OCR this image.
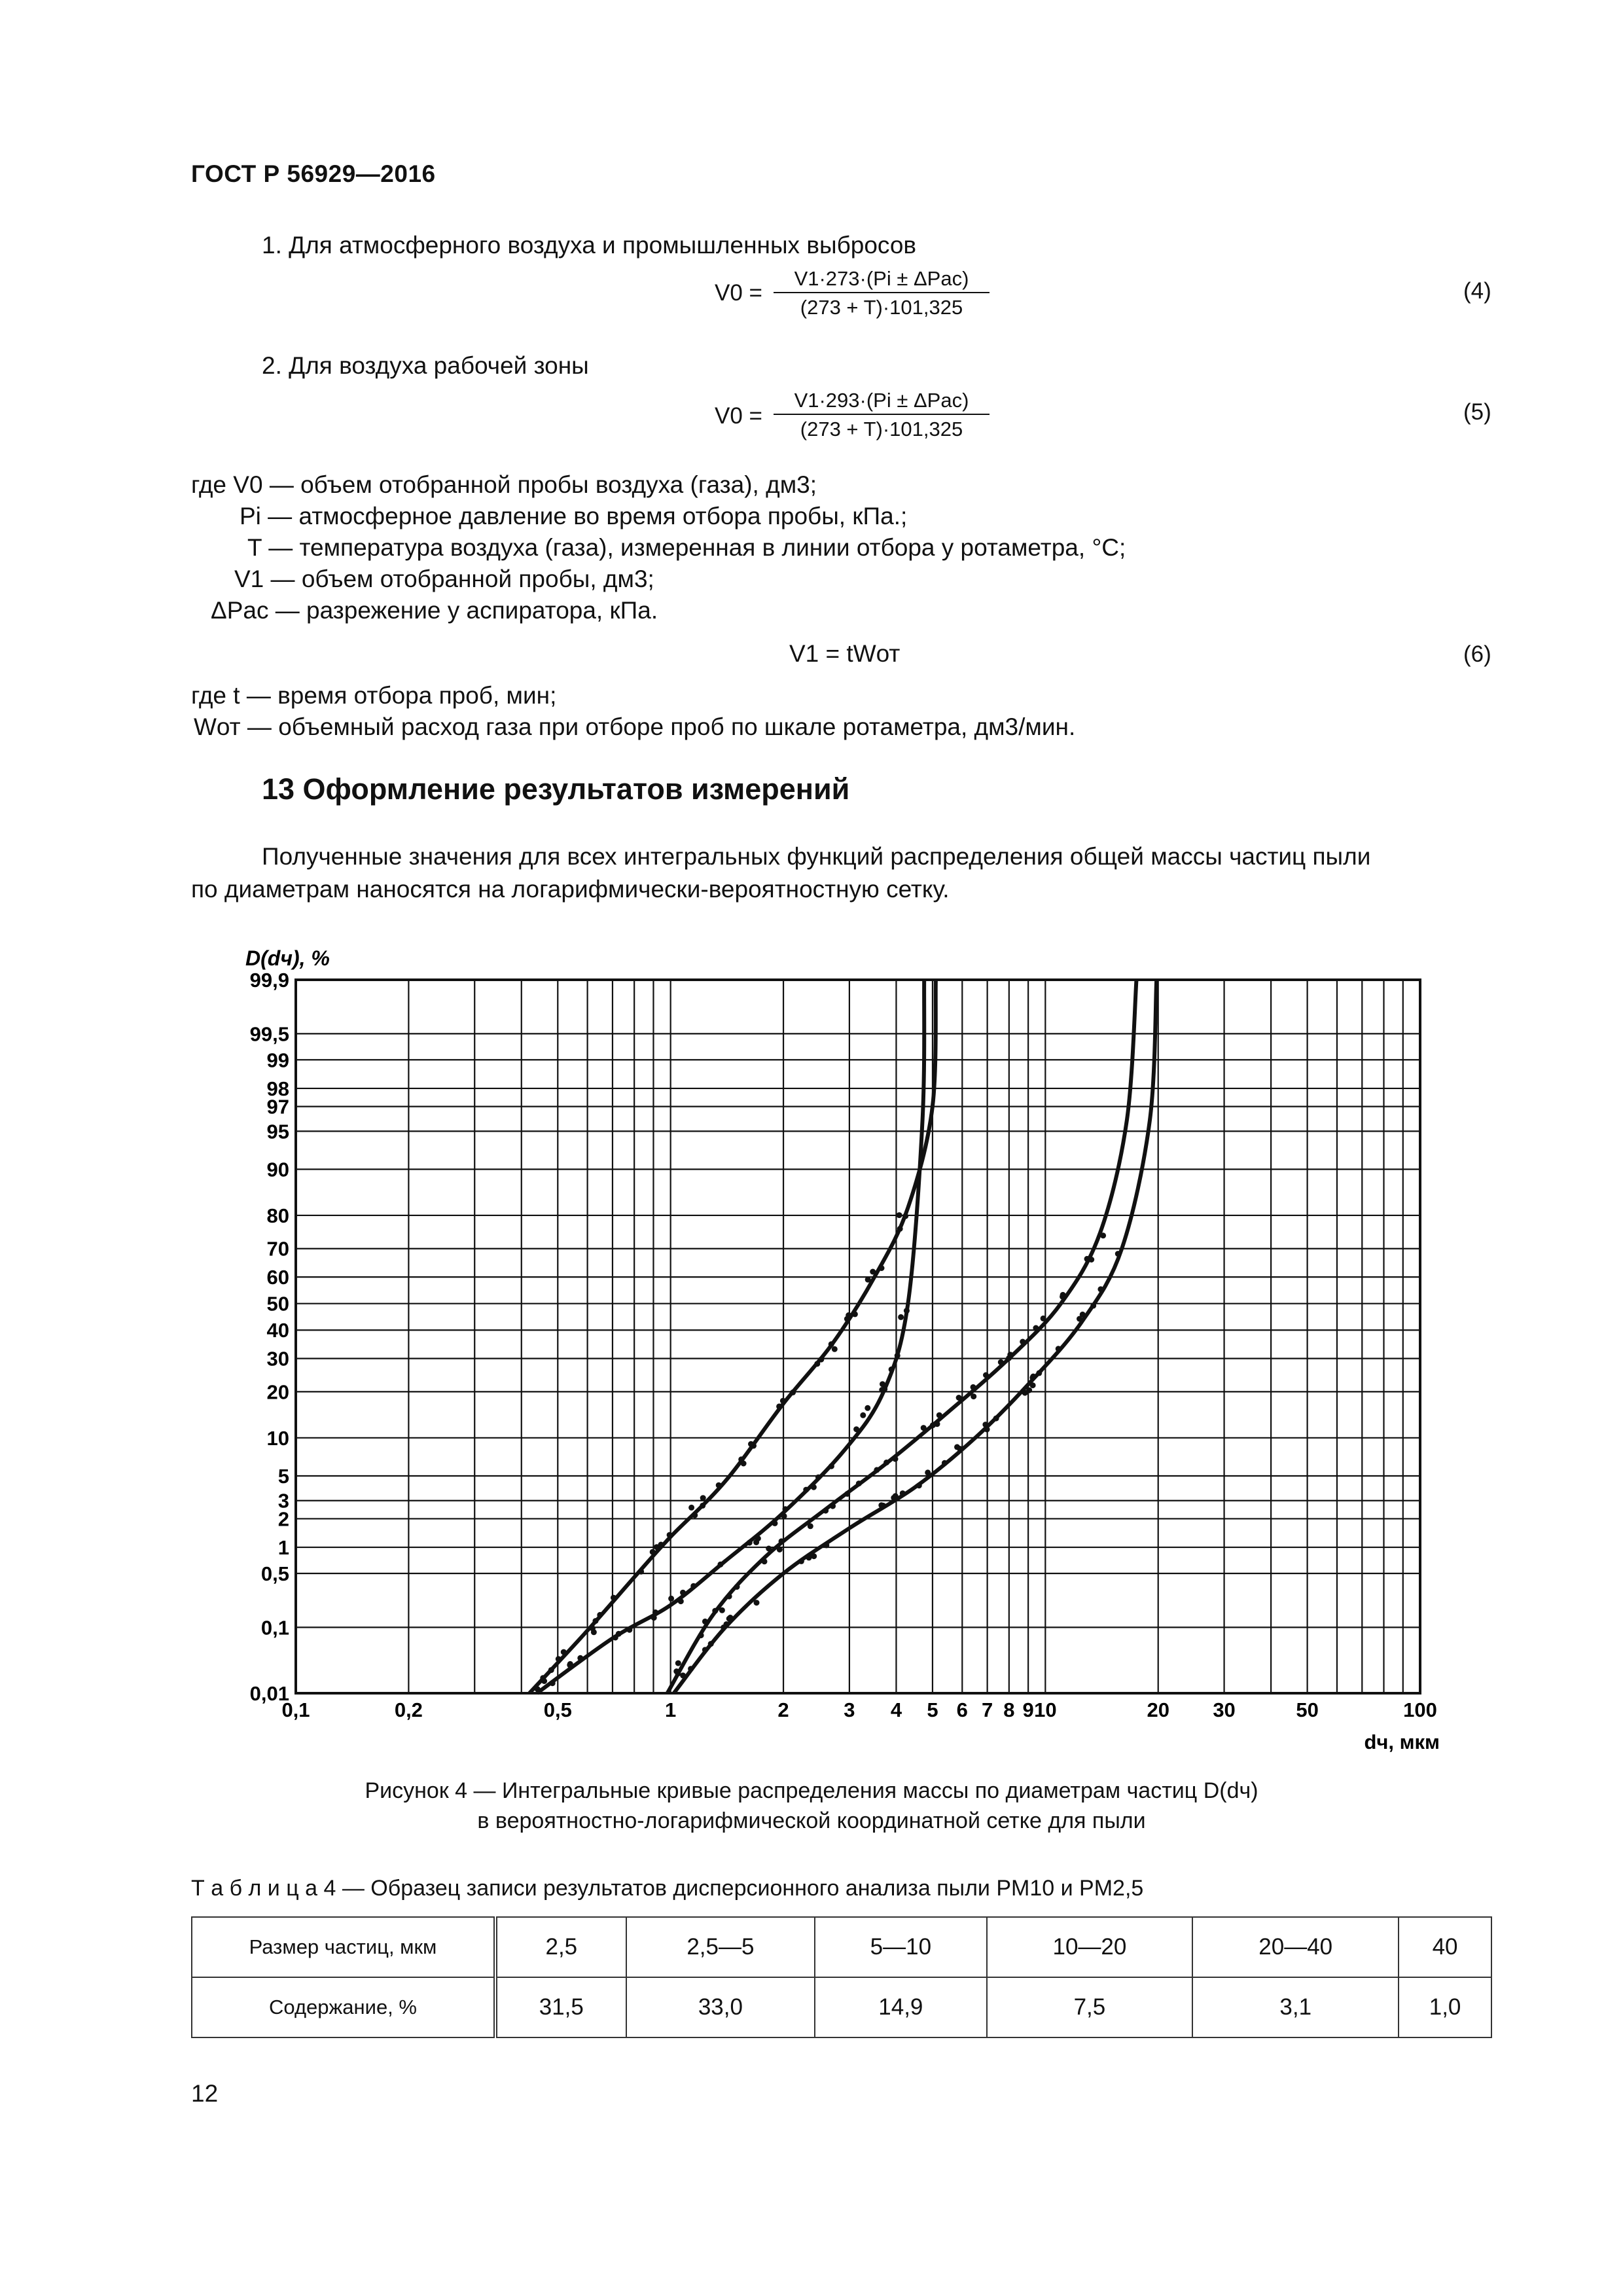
ГОСТ Р 56929—2016
1. Для атмосферного воздуха и промышленных выбросов
V0 =
V1·273·(Pi ± ΔPас)
(273 + T)·101,325
(4)
2. Для воздуха рабочей зоны
V0 =
V1·293·(Pi ± ΔPас)
(273 + T)·101,325
(5)
где V0 — объем отобранной пробы воздуха (газа), дм3;
Pi — атмосферное давление во время отбора пробы, кПа.;
T — температура воздуха (газа), измеренная в линии отбора у ротаметра, °С;
V1 — объем отобранной пробы, дм3;
ΔPас — разрежение у аспиратора, кПа.
V1 = tWот	(6)
где t — время отбора проб, мин;
Wот — объемный расход газа при отборе проб по шкале ротаметра, дм3/мин.
13 Оформление результатов измерений
Полученные значения для всех интегральных функций распределения общей массы частиц пыли
по диаметрам наносятся на логарифмически-вероятностную сетку.
0,01
0,1
0,5
1
2
3
5
10
20
30
40
50
60
70
80
90
95
97
98
99
99,5
99,9
0,1	0,2	0,5	1	2	3 4 5 6 7 8 9 10	20 30	50	100
D(dч), %
dч, мкм
Рисунок 4 — Интегральные кривые распределения массы по диаметрам частиц D(dч)
в вероятностно-логарифмической координатной сетке для пыли
Т а б л и ц а 4 — Образец записи результатов дисперсионного анализа пыли PM10 и PM2,5
Размер частиц, мкм	2,5	2,5—5	5—10	10—20	20—40	40
Содержание, %	31,5	33,0	14,9	7,5	3,1	1,0
12
